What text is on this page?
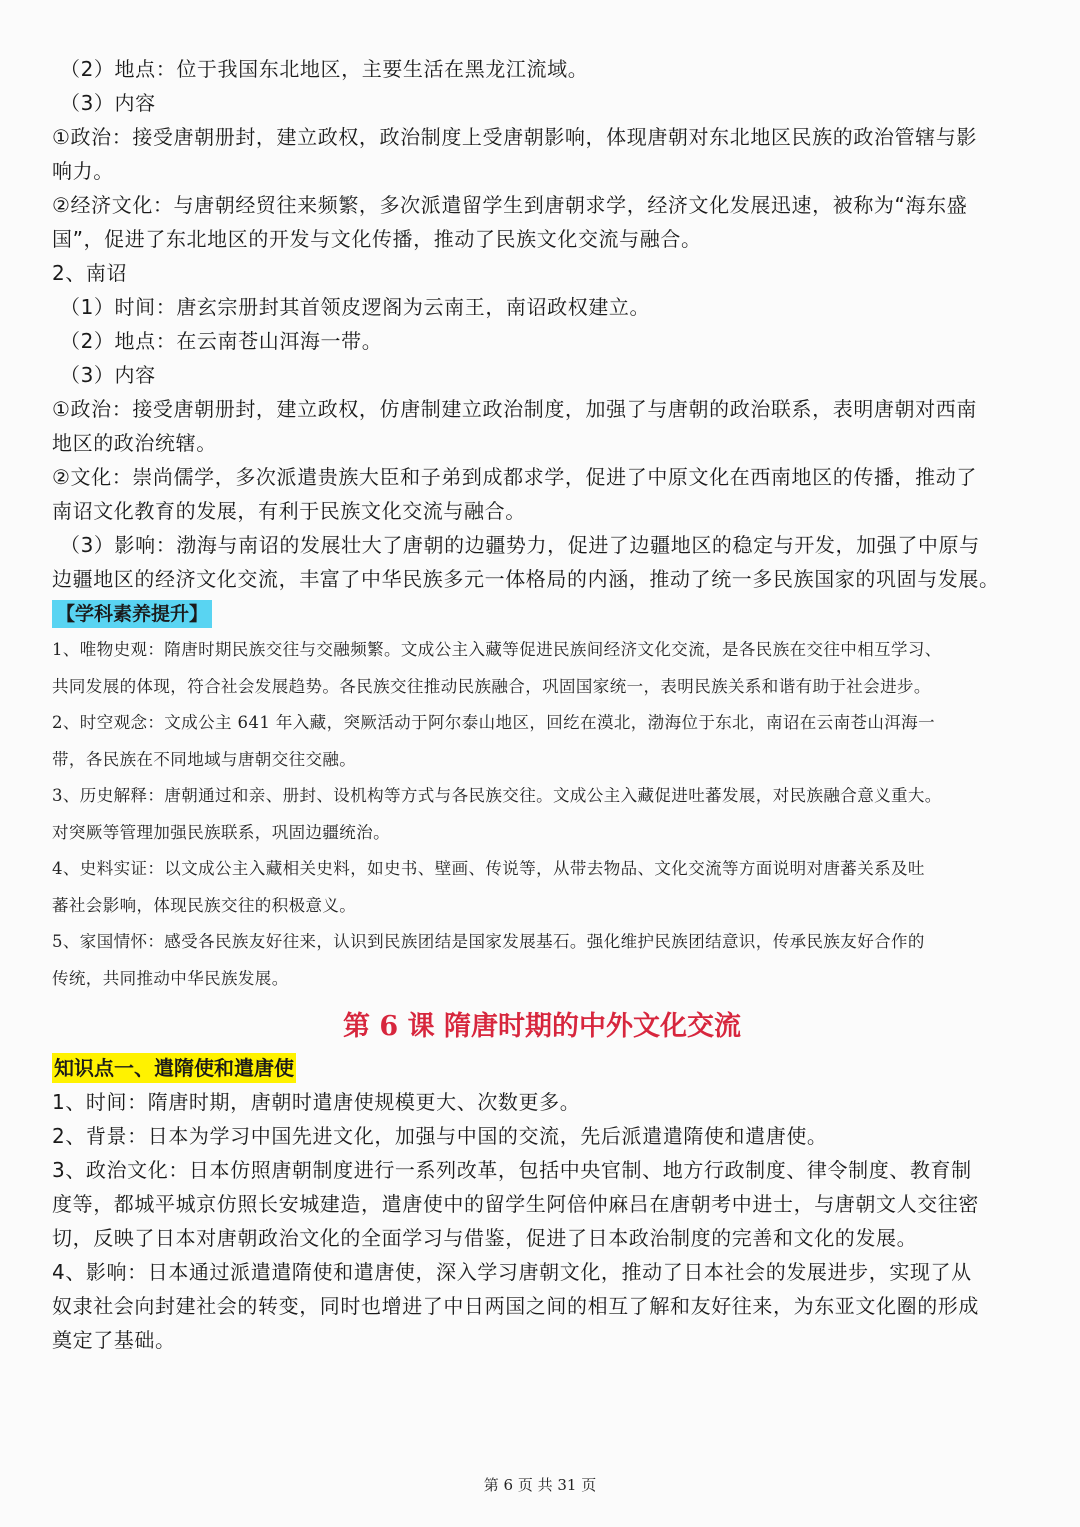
（2）地点：位于我国东北地区，主要生活在黑龙江流域。
（3）内容
①政治：接受唐朝册封，建立政权，政治制度上受唐朝影响，体现唐朝对东北地区民族的政治管辖与影
响力。
②经济文化：与唐朝经贸往来频繁，多次派遣留学生到唐朝求学，经济文化发展迅速，被称为“海东盛
国”，促进了东北地区的开发与文化传播，推动了民族文化交流与融合。
2、南诏
（1）时间：唐玄宗册封其首领皮逻阁为云南王，南诏政权建立。
（2）地点：在云南苍山洱海一带。
（3）内容
①政治：接受唐朝册封，建立政权，仿唐制建立政治制度，加强了与唐朝的政治联系，表明唐朝对西南
地区的政治统辖。
②文化：崇尚儒学，多次派遣贵族大臣和子弟到成都求学，促进了中原文化在西南地区的传播，推动了
南诏文化教育的发展，有利于民族文化交流与融合。
（3）影响：渤海与南诏的发展壮大了唐朝的边疆势力，促进了边疆地区的稳定与开发，加强了中原与
边疆地区的经济文化交流，丰富了中华民族多元一体格局的内涵，推动了统一多民族国家的巩固与发展。
【学科素养提升】
1、唯物史观：隋唐时期民族交往与交融频繁。文成公主入藏等促进民族间经济文化交流，是各民族在交往中相互学习、
共同发展的体现，符合社会发展趋势。各民族交往推动民族融合，巩固国家统一，表明民族关系和谐有助于社会进步。
2、时空观念：文成公主 641 年入藏，突厥活动于阿尔泰山地区，回纥在漠北，渤海位于东北，南诏在云南苍山洱海一
带，各民族在不同地域与唐朝交往交融。
3、历史解释：唐朝通过和亲、册封、设机构等方式与各民族交往。文成公主入藏促进吐蕃发展，对民族融合意义重大。
对突厥等管理加强民族联系，巩固边疆统治。
4、史料实证：以文成公主入藏相关史料，如史书、壁画、传说等，从带去物品、文化交流等方面说明对唐蕃关系及吐
蕃社会影响，体现民族交往的积极意义。
5、家国情怀：感受各民族友好往来，认识到民族团结是国家发展基石。强化维护民族团结意识，传承民族友好合作的
传统，共同推动中华民族发展。
第 6 课 隋唐时期的中外文化交流
知识点一、遣隋使和遣唐使
1、时间：隋唐时期，唐朝时遣唐使规模更大、次数更多。
2、背景：日本为学习中国先进文化，加强与中国的交流，先后派遣遣隋使和遣唐使。
3、政治文化：日本仿照唐朝制度进行一系列改革，包括中央官制、地方行政制度、律令制度、教育制
度等，都城平城京仿照长安城建造，遣唐使中的留学生阿倍仲麻吕在唐朝考中进士，与唐朝文人交往密
切，反映了日本对唐朝政治文化的全面学习与借鉴，促进了日本政治制度的完善和文化的发展。
4、影响：日本通过派遣遣隋使和遣唐使，深入学习唐朝文化，推动了日本社会的发展进步，实现了从
奴隶社会向封建社会的转变，同时也增进了中日两国之间的相互了解和友好往来，为东亚文化圈的形成
奠定了基础。
第 6 页 共 31 页
